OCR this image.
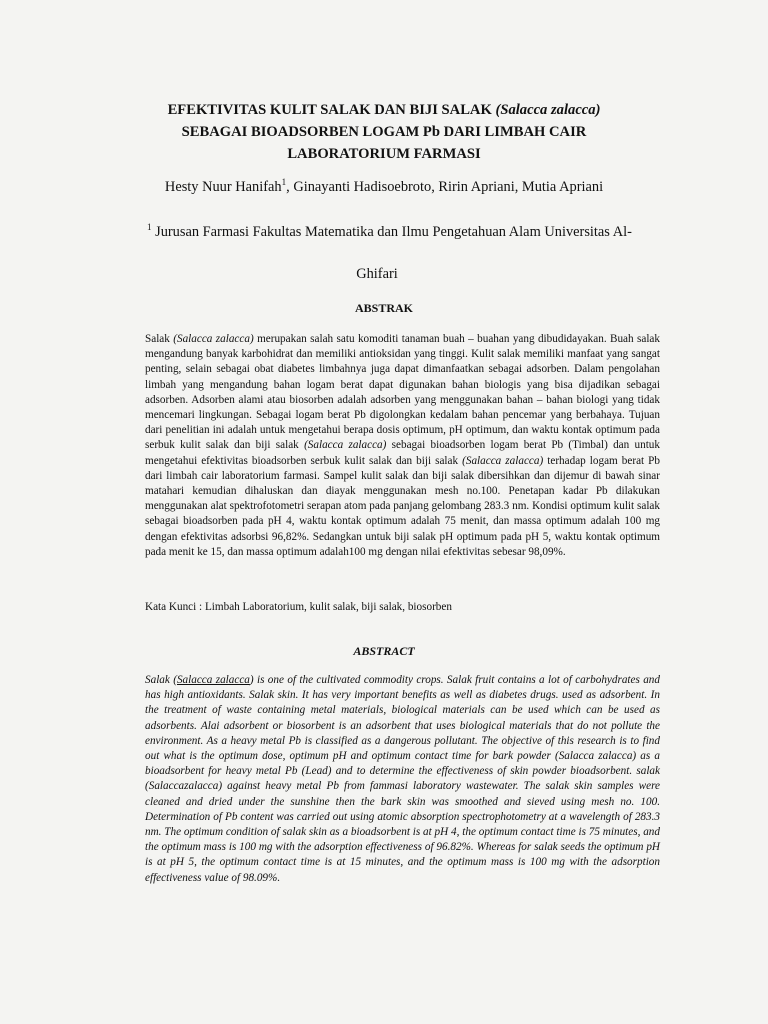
EFEKTIVITAS KULIT SALAK DAN BIJI SALAK (Salacca zalacca)
SEBAGAI BIOADSORBEN LOGAM Pb DARI LIMBAH CAIR
LABORATORIUM FARMASI
Hesty Nuur Hanifah$^1$, Ginayanti Hadisoebroto, Ririn Apriani, Mutia Apriani
$^1$ Jurusan Farmasi Fakultas Matematika dan Ilmu Pengetahuan Alam Universitas Al-
Ghifari
ABSTRAK

Salak (Salacca zalacca) merupakan salah satu komoditi tanaman buah – buahan yang dibudidayakan. Buah salak mengandung banyak karbohidrat dan memiliki antioksidan yang tinggi. Kulit salak memiliki manfaat yang sangat penting, selain sebagai obat diabetes limbahnya juga dapat dimanfaatkan sebagai adsorben. Dalam pengolahan limbah yang mengandung bahan logam berat dapat digunakan bahan biologis yang bisa dijadikan sebagai adsorben. Adsorben alami atau biosorben adalah adsorben yang menggunakan bahan – bahan biologi yang tidak mencemari lingkungan. Sebagai logam berat Pb digolongkan kedalam bahan pencemar yang berbahaya. Tujuan dari penelitian ini adalah untuk mengetahui berapa dosis optimum, pH optimum, dan waktu kontak optimum pada serbuk kulit salak dan biji salak (Salacca zalacca) sebagai bioadsorben logam berat Pb (Timbal) dan untuk mengetahui efektivitas bioadsorben serbuk kulit salak dan biji salak (Salacca zalacca) terhadap logam berat Pb dari limbah cair laboratorium farmasi. Sampel kulit salak dan biji salak dibersihkan dan dijemur di bawah sinar matahari kemudian dihaluskan dan diayak menggunakan mesh no.100. Penetapan kadar Pb dilakukan menggunakan alat spektrofotometri serapan atom pada panjang gelombang 283.3 nm. Kondisi optimum kulit salak sebagai bioadsorben pada pH 4, waktu kontak optimum adalah 75 menit, dan massa optimum adalah 100 mg dengan efektivitas adsorbsi 96,82%. Sedangkan untuk biji salak pH optimum pada pH 5, waktu kontak optimum pada menit ke 15, dan massa optimum adalah100 mg dengan nilai efektivitas sebesar 98,09%.

Kata Kunci : Limbah Laboratorium, kulit salak, biji salak, biosorben
ABSTRACT

Salak (Salacca zalacca) is one of the cultivated commodity crops. Salak fruit contains a lot of carbohydrates and has high antioxidants. Salak skin. It has very important benefits as well as diabetes drugs. used as adsorbent. In the treatment of waste containing metal materials, biological materials can be used which can be used as adsorbents. Alai adsorbent or biosorbent is an adsorbent that uses biological materials that do not pollute the environment. As a heavy metal Pb is classified as a dangerous pollutant. The objective of this research is to find out what is the optimum dose, optimum pH and optimum contact time for bark powder (Salacca zalacca) as a bioadsorbent for heavy metal Pb (Lead) and to determine the effectiveness of skin powder bioadsorbent. salak (Salaccazalacca) against heavy metal Pb from fammasi laboratory wastewater. The salak skin samples were cleaned and dried under the sunshine then the bark skin was smoothed and sieved using mesh no. 100. Determination of Pb content was carried out using atomic absorption spectrophotometry at a wavelength of 283.3 nm. The optimum condition of salak skin as a bioadsorbent is at pH 4, the optimum contact time is 75 minutes, and the optimum mass is 100 mg with the adsorption effectiveness of 96.82%. Whereas for salak seeds the optimum pH is at pH 5, the optimum contact time is at 15 minutes, and the optimum mass is 100 mg with the adsorption effectiveness value of 98.09%.
